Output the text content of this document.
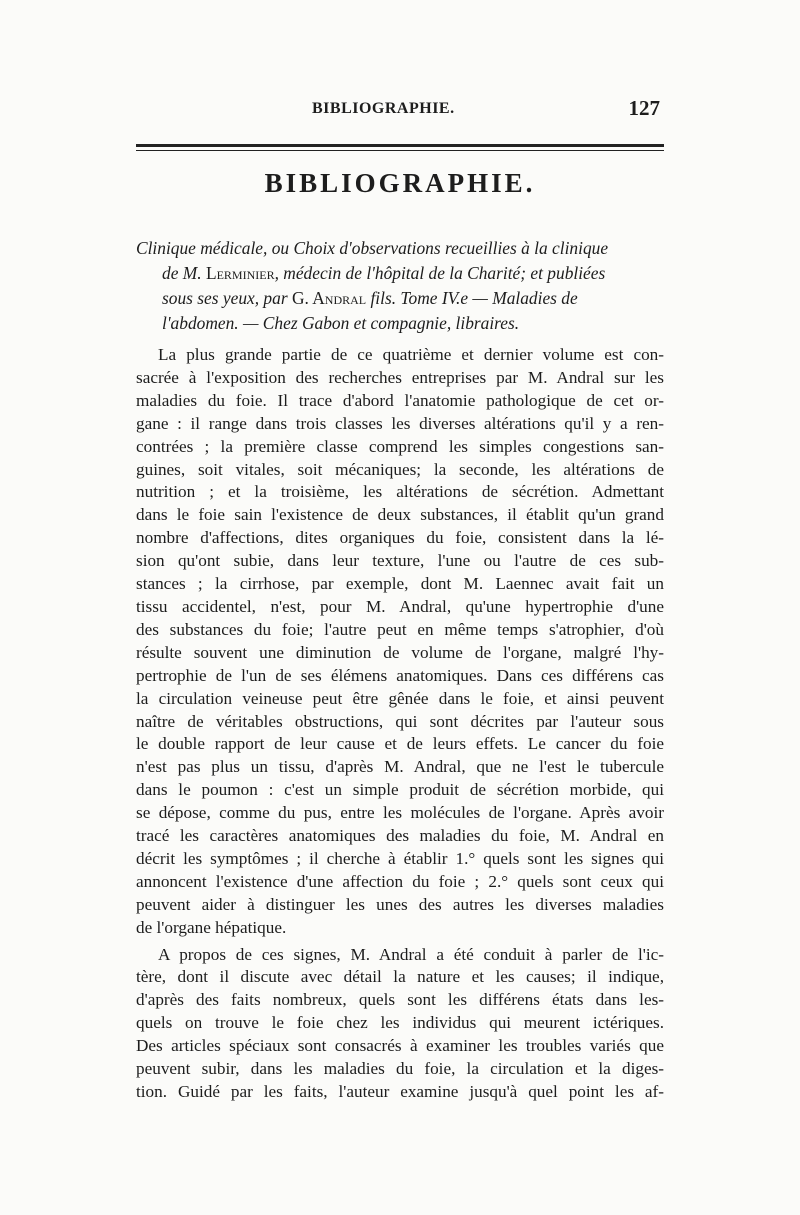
BIBLIOGRAPHIE.	127
BIBLIOGRAPHIE.

Clinique médicale, ou Choix d'observations recueillies à la clinique
de M. Lerminier, médecin de l'hôpital de la Charité; et publiées
sous ses yeux, par G. Andral fils. Tome IV.e — Maladies de
l'abdomen. — Chez Gabon et compagnie, libraires.

La plus grande partie de ce quatrième et dernier volume est con-
sacrée à l'exposition des recherches entreprises par M. Andral sur les
maladies du foie. Il trace d'abord l'anatomie pathologique de cet or-
gane : il range dans trois classes les diverses altérations qu'il y a ren-
contrées ; la première classe comprend les simples congestions san-
guines, soit vitales, soit mécaniques; la seconde, les altérations de
nutrition ; et la troisième, les altérations de sécrétion. Admettant
dans le foie sain l'existence de deux substances, il établit qu'un grand
nombre d'affections, dites organiques du foie, consistent dans la lé-
sion qu'ont subie, dans leur texture, l'une ou l'autre de ces sub-
stances ; la cirrhose, par exemple, dont M. Laennec avait fait un
tissu accidentel, n'est, pour M. Andral, qu'une hypertrophie d'une
des substances du foie; l'autre peut en même temps s'atrophier, d'où
résulte souvent une diminution de volume de l'organe, malgré l'hy-
pertrophie de l'un de ses élémens anatomiques. Dans ces différens cas
la circulation veineuse peut être gênée dans le foie, et ainsi peuvent
naître de véritables obstructions, qui sont décrites par l'auteur sous
le double rapport de leur cause et de leurs effets. Le cancer du foie
n'est pas plus un tissu, d'après M. Andral, que ne l'est le tubercule
dans le poumon : c'est un simple produit de sécrétion morbide, qui
se dépose, comme du pus, entre les molécules de l'organe. Après avoir
tracé les caractères anatomiques des maladies du foie, M. Andral en
décrit les symptômes ; il cherche à établir 1.° quels sont les signes qui
annoncent l'existence d'une affection du foie ; 2.° quels sont ceux qui
peuvent aider à distinguer les unes des autres les diverses maladies
de l'organe hépatique.
A propos de ces signes, M. Andral a été conduit à parler de l'ic-
tère, dont il discute avec détail la nature et les causes; il indique,
d'après des faits nombreux, quels sont les différens états dans les-
quels on trouve le foie chez les individus qui meurent ictériques.
Des articles spéciaux sont consacrés à examiner les troubles variés que
peuvent subir, dans les maladies du foie, la circulation et la diges-
tion. Guidé par les faits, l'auteur examine jusqu'à quel point les af-
